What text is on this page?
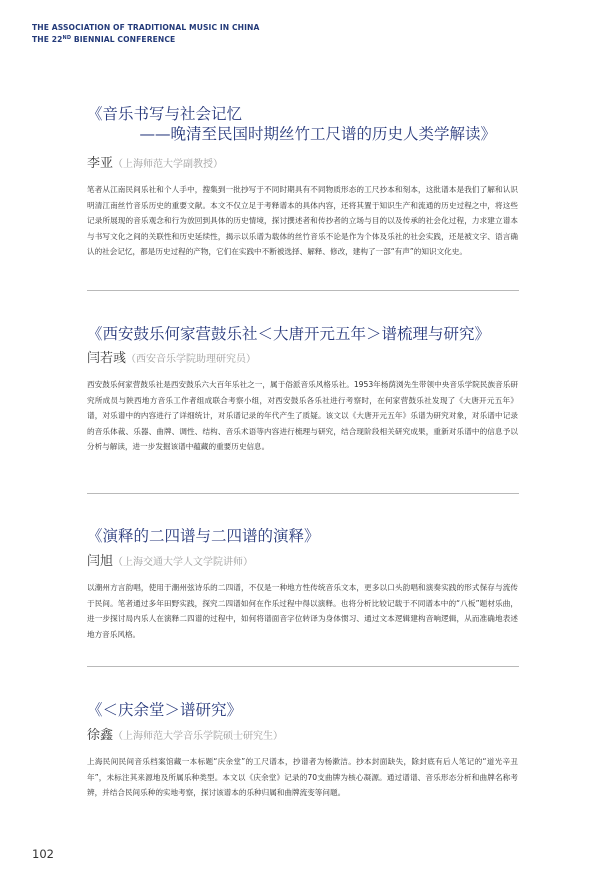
THE ASSOCIATION OF TRADITIONAL MUSIC IN CHINA
THE 22ND BIENNIAL CONFERENCE
《音乐书写与社会记忆
——晚清至民国时期丝竹工尺谱的历史人类学解读》
李亚（上海师范大学副教授）
笔者从江南民间乐社和个人手中，搜集到一批抄写于不同时期具有不同物质形态的工尺抄本和刻本，这批谱本是我们了解和认识明清江南丝竹音乐历史的重要文献。本文不仅立足于考释谱本的具体内容，还将其置于知识生产和流通的历史过程之中，将这些记录所展现的音乐观念和行为放回到具体的历史情境，探讨撰述者和传抄者的立场与目的以及传承的社会化过程，力求建立谱本与书写文化之间的关联性和历史延续性，揭示以乐谱为载体的丝竹音乐不论是作为个体及乐社的社会实践，还是被文字、语言确认的社会记忆，都是历史过程的产物，它们在实践中不断被选择、解释、修改，建构了一部“有声”的知识文化史。
《西安鼓乐何家营鼓乐社＜大唐开元五年＞谱梳理与研究》
闫若彧（西安音乐学院助理研究员）
西安鼓乐何家营鼓乐社是西安鼓乐六大百年乐社之一，属于俗派音乐风格乐社。1953年杨荫浏先生带领中央音乐学院民族音乐研究所成员与陕西地方音乐工作者组成联合考察小组，对西安鼓乐各乐社进行考察时，在何家营鼓乐社发现了《大唐开元五年》谱，对乐谱中的内容进行了详细统计，对乐谱记录的年代产生了质疑。该文以《大唐开元五年》乐谱为研究对象，对乐谱中记录的音乐体裁、乐器、曲牌、调性、结构、音乐术语等内容进行梳理与研究，结合现阶段相关研究成果，重新对乐谱中的信息予以分析与解读，进一步发掘该谱中蕴藏的重要历史信息。
《演释的二四谱与二四谱的演释》
闫旭（上海交通大学人文学院讲师）
以潮州方言韵唱，使用于潮州弦诗乐的二四谱，不仅是一种地方性传统音乐文本，更多以口头韵唱和演奏实践的形式保存与流传于民间。笔者通过多年田野实践，探究二四谱如何在作乐过程中得以演释。也将分析比较记载于不同谱本中的“八板”题材乐曲，进一步探讨局内乐人在演释二四谱的过程中，如何将谱面音字位转译为身体惯习、通过文本逻辑建构音响逻辑，从而准确地表述地方音乐风格。
《＜庆余堂＞谱研究》
徐鑫（上海师范大学音乐学院硕士研究生）
上海民间民间音乐档案馆藏一本标题“庆余堂”的工尺谱本，抄谱者为杨漱洁。抄本封面缺失，除封底有后人笔记的“道光辛丑年”，未标注其来源地及所属乐种类型。本文以《庆余堂》记录的70支曲牌为核心凝源。通过谱谱、音乐形态分析和曲牌名称考辨，并结合民间乐种的实地考察，探讨该谱本的乐种归属和曲牌流变等问题。
102
